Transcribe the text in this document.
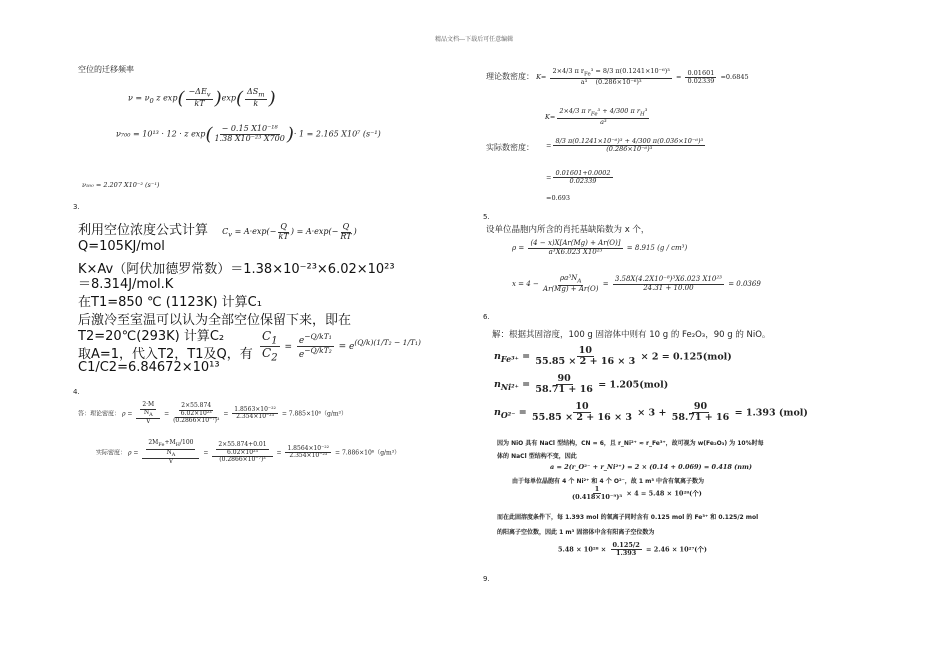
精品文档---下载后可任意编辑
空位的迁移频率
$\nu = \nu_0$ z $\exp( \frac{-\Delta E_v}{kT} )\exp( \frac{\Delta S_m}{k}$ )
ν₇₀₀ = 10¹³ · 12 · z $\exp( \frac{\text{− 0.15 X10⁻¹⁸}}{\text{1.38 X10⁻²³ X700}}$ )· 1 = 2.165 X10⁷ (s⁻¹)
ν₅₀₀ = 2.207 X10⁻² (s⁻¹)
3.
利用空位浓度公式计算 $C_v = A\cdot\exp(- \frac{Q}{kT}$ ) = $A\cdot\exp(- \frac{Q}{RT}$ )
Q=105KJ/mol
K×Av（阿伏加德罗常数）＝1.38×10⁻²³×6.02×10²³
＝8.314J/mol.K
在T1=850 ℃ (1123K) 计算C₁
后激冷至室温可以认为全部空位保留下来，即在
T2=20℃(293K) 计算C₂
取A=1，代入T2，T1及Q，有 $\frac{C_1}{C_2} = \frac{e^{-Q/kT_1}}{e^{-Q/kT_2}} = e^{(Q/k)(1/T_2 - 1/T_1)}$
C1/C2=6.84672×10¹³
4.
答：理论密度： $\rho = \frac{\frac{2\cdot M}{N_A}}{V} = \frac{\frac{2\times 55.874}{\text{6.02×10²³}}}{\text{(0.2866×10⁻⁷)³}} = \frac{\text{1.8563×10⁻²²}}{\text{2.354×10⁻²³}} = 7.885\times 10^6(g/m^3)$
实际密度： $\rho = \frac{\frac{2M_{Fe}+M_H/100}{N_A}}{V} = \frac{\frac{2\times 55.874+0.01}{\text{6.02×10²³}}}{\text{(0.2866×10⁻⁷)³}} = \frac{\text{1.8564×10⁻²²}}{\text{2.354×10⁻²³}} = 7.886\times 10^6(g/m^3)$
理论数密度： $K= \frac{2\times 4/3 \pi r_{Fe}^3 = 8/3 \pi(0.1241\times 10^{-6})^3}{\text{a³    (0.286×10⁻⁶)³}} = \frac{0.01601}{0.02339} =0.6845$
$K= \frac{2\times 4/3 \pi r_{Fe}^3 + 4/300 \pi r_H^3}{\text{a³}}$
实际数密度： = $\frac{\text{8/3 π(0.1241×10⁻⁶)³ + 4/300 π(0.036×10⁻⁶)³}}{\text{(0.286×10⁻⁶)³}}$
= $\frac{0.01601+0.0002}{0.02339}$
=0.693
5.
设单位晶胞内所含的肖托基缺陷数为 x 个，
$\rho = \frac{(4 - x)X[Ar(Mg) + Ar(O)]}{\text{a³X6.023 X10²³}} = 8.915$ (g / cm³)
$x = 4 - \frac{\rho a^3N_A}{Ar(Mg) + Ar(O)} = \frac{\text{3.58X(4.2X10⁻⁸)³X6.023 X10²³}}{24.31 + 10.00} = 0.0369$
6.
解：根据其固溶度，100 g 固溶体中则有 10 g 的 Fe₂O₃，90 g 的 NiO。
$n_{Fe^{3+}} = \frac{10}{55.85 \times 2 + 16 \times 3} \times 2 = 0.125(mol)$
$n_{Ni^{2+}} = \frac{90}{58.71 + 16} = 1.205(mol)$
$n_{O^{2-}} = \frac{10}{55.85 \times 2 + 16 \times 3} \times 3 + \frac{90}{58.71 + 16} = 1.393$ (mol)
因为 NiO 具有 NaCl 型结构，CN = 6，且 r_Ni²⁺ ≈ r_Fe³⁺，故可视为 w(Fe₂O₃) 为 10%时每
体的 NaCl 型结构不变，因此
a = 2(r_O²⁻ + r_Ni²⁺) = 2 × (0.14 + 0.069) = 0.418 (nm)
由于每单位晶胞有 4 个 Ni²⁺ 和 4 个 O²⁻，故 1 m³ 中含有氧离子数为
$\frac{1}{\text{(0.418×10⁻⁹)³}} \times 4 = 5.48 \times 10^{28}$(个)
而在此固溶度条件下，每 1.393 mol 的氧离子同时含有 0.125 mol 的 Fe³⁺ 和 0.125/2 mol
的阳离子空位数，因此 1 m³ 固溶体中含有阳离子空位数为
$5.48 \times 10^{28} \times \frac{0.125/2}{1.393} = 2.46 \times 10^{27}$(个)
9.
